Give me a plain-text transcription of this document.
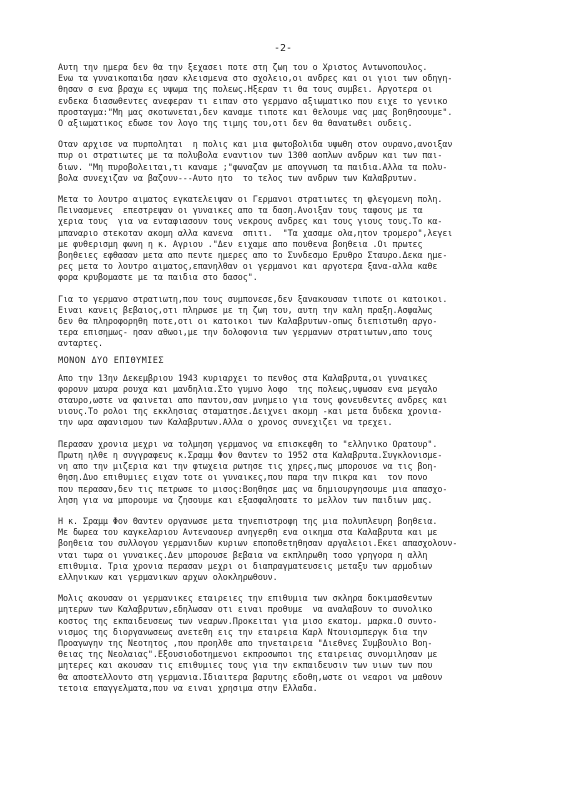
-2-
Αυτη την ημερα δεν θα την ξεχασει ποτε στη ζωη του ο Χριστος Αντωνοπουλος.
Ενω τα γυναικοπαιδα ησαν κλεισμενα στο σχολειο,οι ανδρες και οι γιοι των οδηγη-
θησαν σ ενα βραχω ες υψωμα της πολεως.Ηξεραν τι θα τους συμβει. Αργοτερα οι
ενδεκα διασωθεντες ανεφεραν τι ειπαν στο γερμανο αξιωματικο που ειχε το γενικο
προσταγμα:"Μη μας σκοτωνεται,δεν καναμε τιποτε και θελουμε νας μας βοηθησουμε".
Ο αξιωματικος εδωσε τον λογο της τιμης του,οτι δεν θα θανατωθει ουδεις.
Οταν αρχισε να πυρποληται  η πολις και μια φωτοβολιδα υψωθη στον ουρανο,ανοιξαν
πυρ οι στρατιωτες με τα πολυβολα εναντιον των 1300 αοπλων ανδρων και των παι-
διων. "Μη πυροβολειται,τι καναμε ;"φωναζαν με απογνωση τα παιδια.Αλλα τα πολυ-
βολα συνεχιζαν να βαζουν---Αυτο ητο  το τελος των ανδρων των Καλαβρυτων.
Μετα το λουτρο αιματος εγκατελειψαν οι Γερμανοι στρατιωτες τη φλεγομενη πολη.
Πεινασμενες  επεστρεψαν οι γυναικες απο τα δαση.Ανοιξαν τους ταφους με τα
χερια τους  για να ενταφιασουν τους νεκρους ανδρες και τους γιους τους.Το κα-
μπαναριο στεκοταν ακομη αλλα κανενα  σπιτι.  "Τα χασαμε ολα,ητον τρομερο",λεγει
με φυθερισμη φωνη η κ. Αγριου ."Δεν ειχαμε απο πουθενα βοηθεια .Οι πρωτες
βοηθειες εφθασαν μετα απο πεντε ημερες απο το Συνδεσμο Ερυθρο Σταυρο.Δεκα ημε-
ρες μετα το λουτρο αιματος,επανηλθαν οι γερμανοι και αργοτερα ξανα-αλλα καθε
φορα κρυβομαστε με τα παιδια στο δασος".
Για το γερμανο στρατιωτη,που τους συμπονεσε,δεν ξανακουσαν τιποτε οι κατοικοι.
Ειναι κανεις βεβαιος,οτι πληρωσε με τη ζωη του, αυτη την καλη πραξη.Ασφαλως
δεν θα πληροφορηθη ποτε,οτι οι κατοικοι των Καλαβρυτων-οπως διεπιστωθη αργο-
τερα επισημως- ησαν αθωοι,με την δολοφονια των γερμανων στρατιωτων,απο τους
ανταρτες.
ΜΟΝΟΝ ΔΥΟ ΕΠΙΘΥΜΙΕΣ
Απο την 13ην Δεκεμβριου 1943 κυριαρχει το πενθος στα Καλαβρυτα,οι γυναικες
φορουν μαυρα ρουχα και μανδηλια.Στο γυμνο λοφο  της πολεως,υψωσαν ενα μεγαλο
σταυρο,ωστε να φαινεται απο παντου,σαν μνημειο για τους φονευθεντες ανδρες και
υιους.Το ρολοι της εκκλησιας σταματησε.Δειχνει ακομη -και μετα δυδεκα χρονια-
την ωρα αφανισμου των Καλαβρυτων.Αλλα ο χρονος συνεχιζει να τρεχει.
Περασαν χρονια μεχρι να τολμηση γερμανος να επισκεφθη το "ελληνικο Ορατουρ".
Πρωτη ηλθε η συγγραφευς κ.Σραμμ Φον Θαντεν το 1952 στα Καλαβρυτα.Συγκλονισμε-
νη απο την μιζερια και την φτωχεια ρωτησε τις χηρες,πως μπορουσε να τις βοη-
θηση.Δυο επιθυμιες ειχαν τοτε οι γυναικες,που παρα την πικρα και  τον πονο
που περασαν,δεν τις πετρωσε το μισος:Βοηθησε μας να δημιουργησουμε μια απασχο-
ληση για να μπορουμε να ζησουμε και εξασφαλησατε το μελλον των παιδιων μας.
Η κ. Σραμμ Φον Θαντεν οργανωσε μετα τηνεπιστροφη της μια πολυπλευρη βοηθεια.
Με δωρεα του καγκελαριου Αντεναουερ ανηγερθη ενα οικημα στα Καλαβρυτα και με
βοηθεια του συλλογου γερμανιδων κυριων εποποθετηθησαν αργαλειοι.Εκει απασχολουν-
νται τωρα οι γυναικες.Δεν μπορουσε βεβαια να εκπληρωθη τοσο γρηγορα η αλλη
επιθυμια. Τρια χρονια περασαν μεχρι οι διαπραγματευσεις μεταξυ των αρμοδιων
ελληνικων και γερμανικων αρχων ολοκληρωθουν.
Μολις ακουσαν οι γερμανικες εταιρειες την επιθυμια των σκληρα δοκιμασθεντων
μητερων των Καλαβρυτων,εδηλωσαν οτι ειναι προθυμε  να αναλαβουν το συνολικο
κοστος της εκπαιδευσεως των νεαρων.Προκειται για μισο εκατομ. μαρκα.Ο συντο-
νισμος της διοργανωσεως ανετεθη εις την εταιρεια Καρλ Ντουισμπεργκ δια την
Προαγωγην της Νεοτητος ,που προηλθε απο τηνεταιρεια "Διεθνες Συμβουλιο Βοη-
θειας της Νεολαιας".Εξουσιοδοτημενοι εκπροσωποι της εταιρειας συνομιλησαν με
μητερες και ακουσαν τις επιθυμιες τους για την εκπαιδευσιν των υιων των που
θα αποστελλοντο στη γερμανια.Ιδιαιτερα βαρυτης εδοθη,ωστε οι νεαροι να μαθουν
τετοια επαγγελματα,που να ειναι χρησιμα στην Ελλαδα.
